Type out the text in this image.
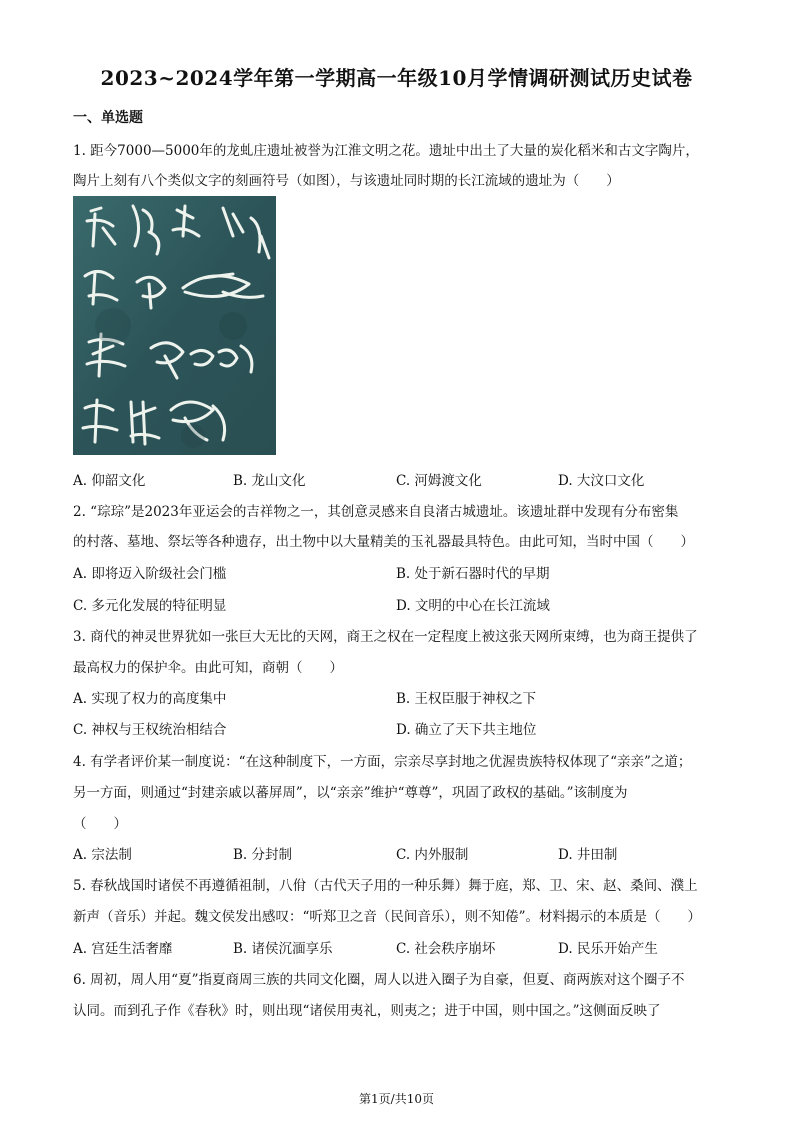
2023~2024学年第一学期高一年级10月学情调研测试历史试卷
一、单选题
1. 距今7000—5000年的龙虬庄遗址被誉为江淮文明之花。遗址中出土了大量的炭化稻米和古文字陶片，
陶片上刻有八个类似文字的刻画符号（如图），与该遗址同时期的长江流域的遗址为（　　）
A. 仰韶文化	B. 龙山文化	C. 河姆渡文化	D. 大汶口文化
2. “琮琮”是2023年亚运会的吉祥物之一，其创意灵感来自良渚古城遗址。该遗址群中发现有分布密集
的村落、墓地、祭坛等各种遗存，出土物中以大量精美的玉礼器最具特色。由此可知，当时中国（　　）
A. 即将迈入阶级社会门槛	B. 处于新石器时代的早期
C. 多元化发展的特征明显	D. 文明的中心在长江流域
3. 商代的神灵世界犹如一张巨大无比的天网，商王之权在一定程度上被这张天网所束缚，也为商王提供了
最高权力的保护伞。由此可知，商朝（　　）
A. 实现了权力的高度集中	B. 王权臣服于神权之下
C. 神权与王权统治相结合	D. 确立了天下共主地位
4. 有学者评价某一制度说：“在这种制度下，一方面，宗亲尽享封地之优渥贵族特权体现了“亲亲”之道；
另一方面，则通过“封建亲戚以蕃屏周”，以“亲亲”维护“尊尊”，巩固了政权的基础。”该制度为
（　　）
A. 宗法制	B. 分封制	C. 内外服制	D. 井田制
5. 春秋战国时诸侯不再遵循祖制，八佾（古代天子用的一种乐舞）舞于庭，郑、卫、宋、赵、桑间、濮上
新声（音乐）并起。魏文侯发出感叹：“听郑卫之音（民间音乐），则不知倦”。材料揭示的本质是（　　）
A. 宫廷生活奢靡	B. 诸侯沉湎享乐	C. 社会秩序崩坏	D. 民乐开始产生
6. 周初，周人用“夏”指夏商周三族的共同文化圈，周人以进入圈子为自豪，但夏、商两族对这个圈子不
认同。而到孔子作《春秋》时，则出现“诸侯用夷礼，则夷之；进于中国，则中国之。”这侧面反映了
第1页/共10页
